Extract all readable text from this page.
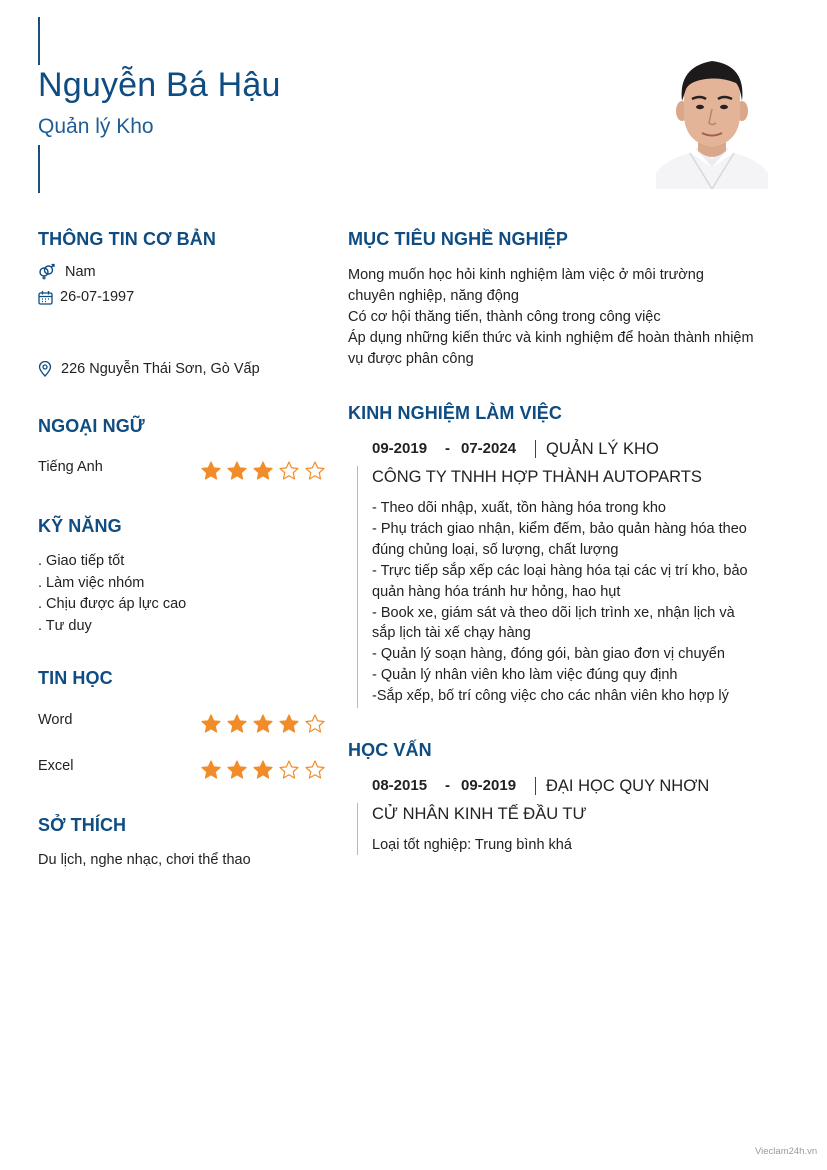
Nguyễn Bá Hậu
Quản lý Kho
THÔNG TIN CƠ BẢN
Nam
26-07-1997
226 Nguyễn Thái Sơn, Gò Vấp
NGOẠI NGỮ
Tiếng Anh
KỸ NĂNG
. Giao tiếp tốt
. Làm việc nhóm
. Chịu được áp lực cao
. Tư duy
TIN HỌC
Word
Excel
SỞ THÍCH
Du lịch, nghe nhạc, chơi thể thao
MỤC TIÊU NGHỀ NGHIỆP
Mong muốn học hỏi kinh nghiệm làm việc ở môi trường
chuyên nghiệp, năng động
Có cơ hội thăng tiến, thành công trong công việc
Áp dụng những kiến thức và kinh nghiệm để hoàn thành nhiệm
vụ được phân công
KINH NGHIỆM LÀM VIỆC
09-2019 - 07-2024 QUẢN LÝ KHO
CÔNG TY TNHH HỢP THÀNH AUTOPARTS
- Theo dõi nhập, xuất, tồn hàng hóa trong kho
- Phụ trách giao nhận, kiểm đếm, bảo quản hàng hóa theo
đúng chủng loại, số lượng, chất lượng
- Trực tiếp sắp xếp các loại hàng hóa tại các vị trí kho, bảo
quản hàng hóa tránh hư hỏng, hao hụt
- Book xe, giám sát và theo dõi lịch trình xe, nhận lịch và
sắp lịch tài xế chạy hàng
- Quản lý soạn hàng, đóng gói, bàn giao đơn vị chuyển
- Quản lý nhân viên kho làm việc đúng quy định
-Sắp xếp, bố trí công việc cho các nhân viên kho hợp lý
HỌC VẤN
08-2015 - 09-2019 ĐẠI HỌC QUY NHƠN
CỬ NHÂN KINH TẾ ĐẦU TƯ
Loại tốt nghiệp: Trung bình khá
Vieclam24h.vn
